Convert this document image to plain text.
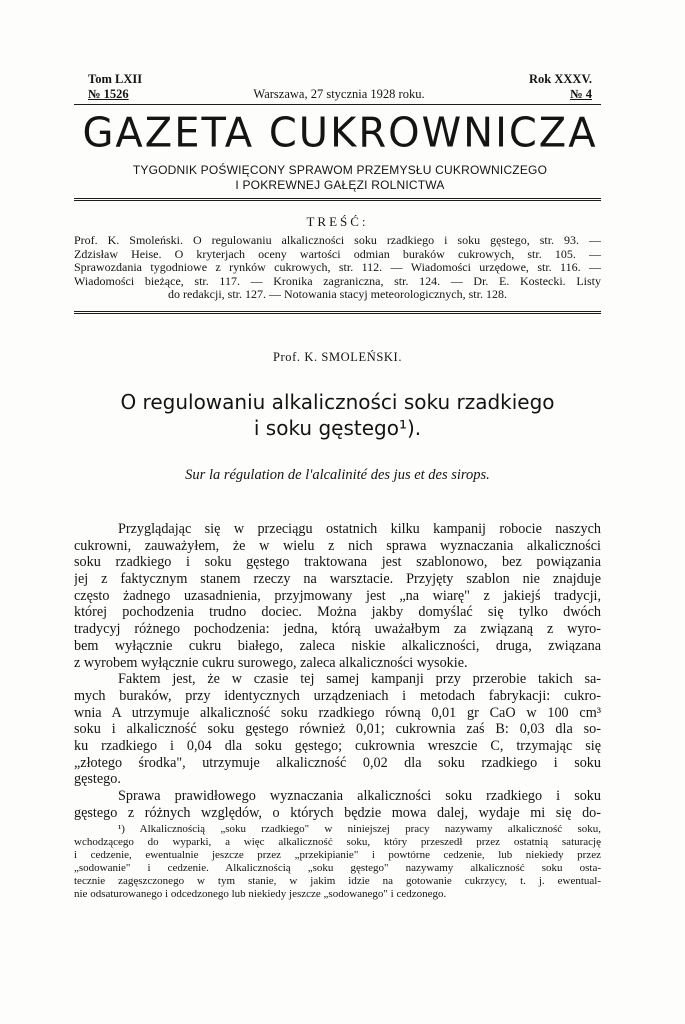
Tom LXII	Rok XXXV.
№ 1526	Warszawa, 27 stycznia 1928 roku.	№ 4
GAZETA CUKROWNICZA
TYGODNIK POŚWIĘCONY SPRAWOM PRZEMYSŁU CUKROWNICZEGO
I POKREWNEJ GAŁĘZI ROLNICTWA
TREŚĆ:
Prof. K. Smoleński. O regulowaniu alkaliczności soku rzadkiego i soku gęstego, str. 93. —
Zdzisław Heise. O kryterjach oceny wartości odmian buraków cukrowych, str. 105. —
Sprawozdania tygodniowe z rynków cukrowych, str. 112. — Wiadomości urzędowe, str. 116. —
Wiadomości bieżące, str. 117. — Kronika zagraniczna, str. 124. — Dr. E. Kostecki. Listy
do redakcji, str. 127. — Notowania stacyj meteorologicznych, str. 128.
Prof. K. SMOLEŃSKI.
O regulowaniu alkaliczności soku rzadkiego
i soku gęstego¹).
Sur la régulation de l'alcalinité des jus et des sirops.
Przyglądając się w przeciągu ostatnich kilku kampanij robocie naszych
cukrowni, zauważyłem, że w wielu z nich sprawa wyznaczania alkaliczności
soku rzadkiego i soku gęstego traktowana jest szablonowo, bez powiązania
jej z faktycznym stanem rzeczy na warsztacie. Przyjęty szablon nie znajduje
często żadnego uzasadnienia, przyjmowany jest „na wiarę" z jakiejś tradycji,
której pochodzenia trudno dociec. Można jakby domyślać się tylko dwóch
tradycyj różnego pochodzenia: jedna, którą uważałbym za związaną z wyro-
bem wyłącznie cukru białego, zaleca niskie alkaliczności, druga, związana
z wyrobem wyłącznie cukru surowego, zaleca alkaliczności wysokie.
Faktem jest, że w czasie tej samej kampanji przy przerobie takich sa-
mych buraków, przy identycznych urządzeniach i metodach fabrykacji: cukro-
wnia A utrzymuje alkaliczność soku rzadkiego równą 0,01 gr CaO w 100 cm³
soku i alkaliczność soku gęstego również 0,01; cukrownia zaś B: 0,03 dla so-
ku rzadkiego i 0,04 dla soku gęstego; cukrownia wreszcie C, trzymając się
„złotego środka", utrzymuje alkaliczność 0,02 dla soku rzadkiego i soku
gęstego.
Sprawa prawidłowego wyznaczania alkaliczności soku rzadkiego i soku
gęstego z różnych względów, o których będzie mowa dalej, wydaje mi się do-
¹) Alkalicznością „soku rzadkiego" w niniejszej pracy nazywamy alkaliczność soku,
wchodzącego do wyparki, a więc alkaliczność soku, który przeszedł przez ostatnią saturację
i cedzenie, ewentualnie jeszcze przez „przekipianie" i powtórne cedzenie, lub niekiedy przez
„sodowanie" i cedzenie. Alkalicznością „soku gęstego" nazywamy alkaliczność soku osta-
tecznie zagęszczonego w tym stanie, w jakim idzie na gotowanie cukrzycy, t. j. ewentual-
nie odsaturowanego i odcedzonego lub niekiedy jeszcze „sodowanego" i cedzonego.
